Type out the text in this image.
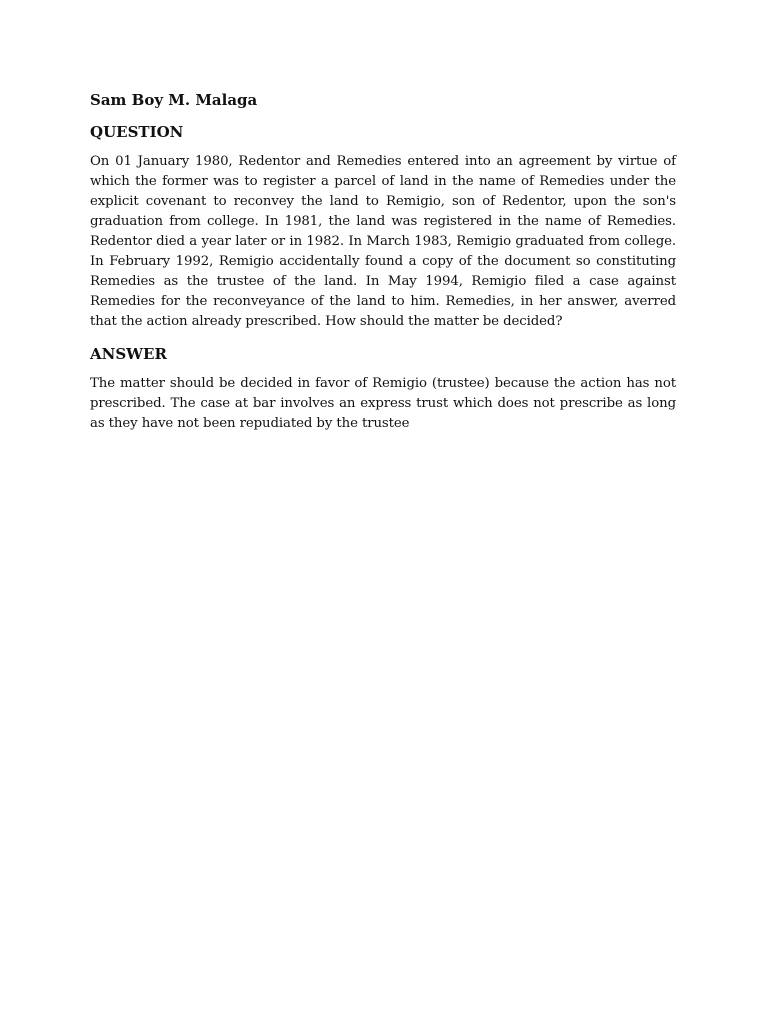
Sam Boy M. Malaga
QUESTION

On 01 January 1980, Redentor and Remedies entered into an agreement by virtue of which the former was to register a parcel of land in the name of Remedies under the explicit covenant to reconvey the land to Remigio, son of Redentor, upon the son's graduation from college. In 1981, the land was registered in the name of Remedies. Redentor died a year later or in 1982. In March 1983, Remigio graduated from college. In February 1992, Remigio accidentally found a copy of the document so constituting Remedies as the trustee of the land. In May 1994, Remigio filed a case against Remedies for the reconveyance of the land to him. Remedies, in her answer, averred that the action already prescribed. How should the matter be decided?

ANSWER

The matter should be decided in favor of Remigio (trustee) because the action has not prescribed. The case at bar involves an express trust which does not prescribe as long as they have not been repudiated by the trustee
